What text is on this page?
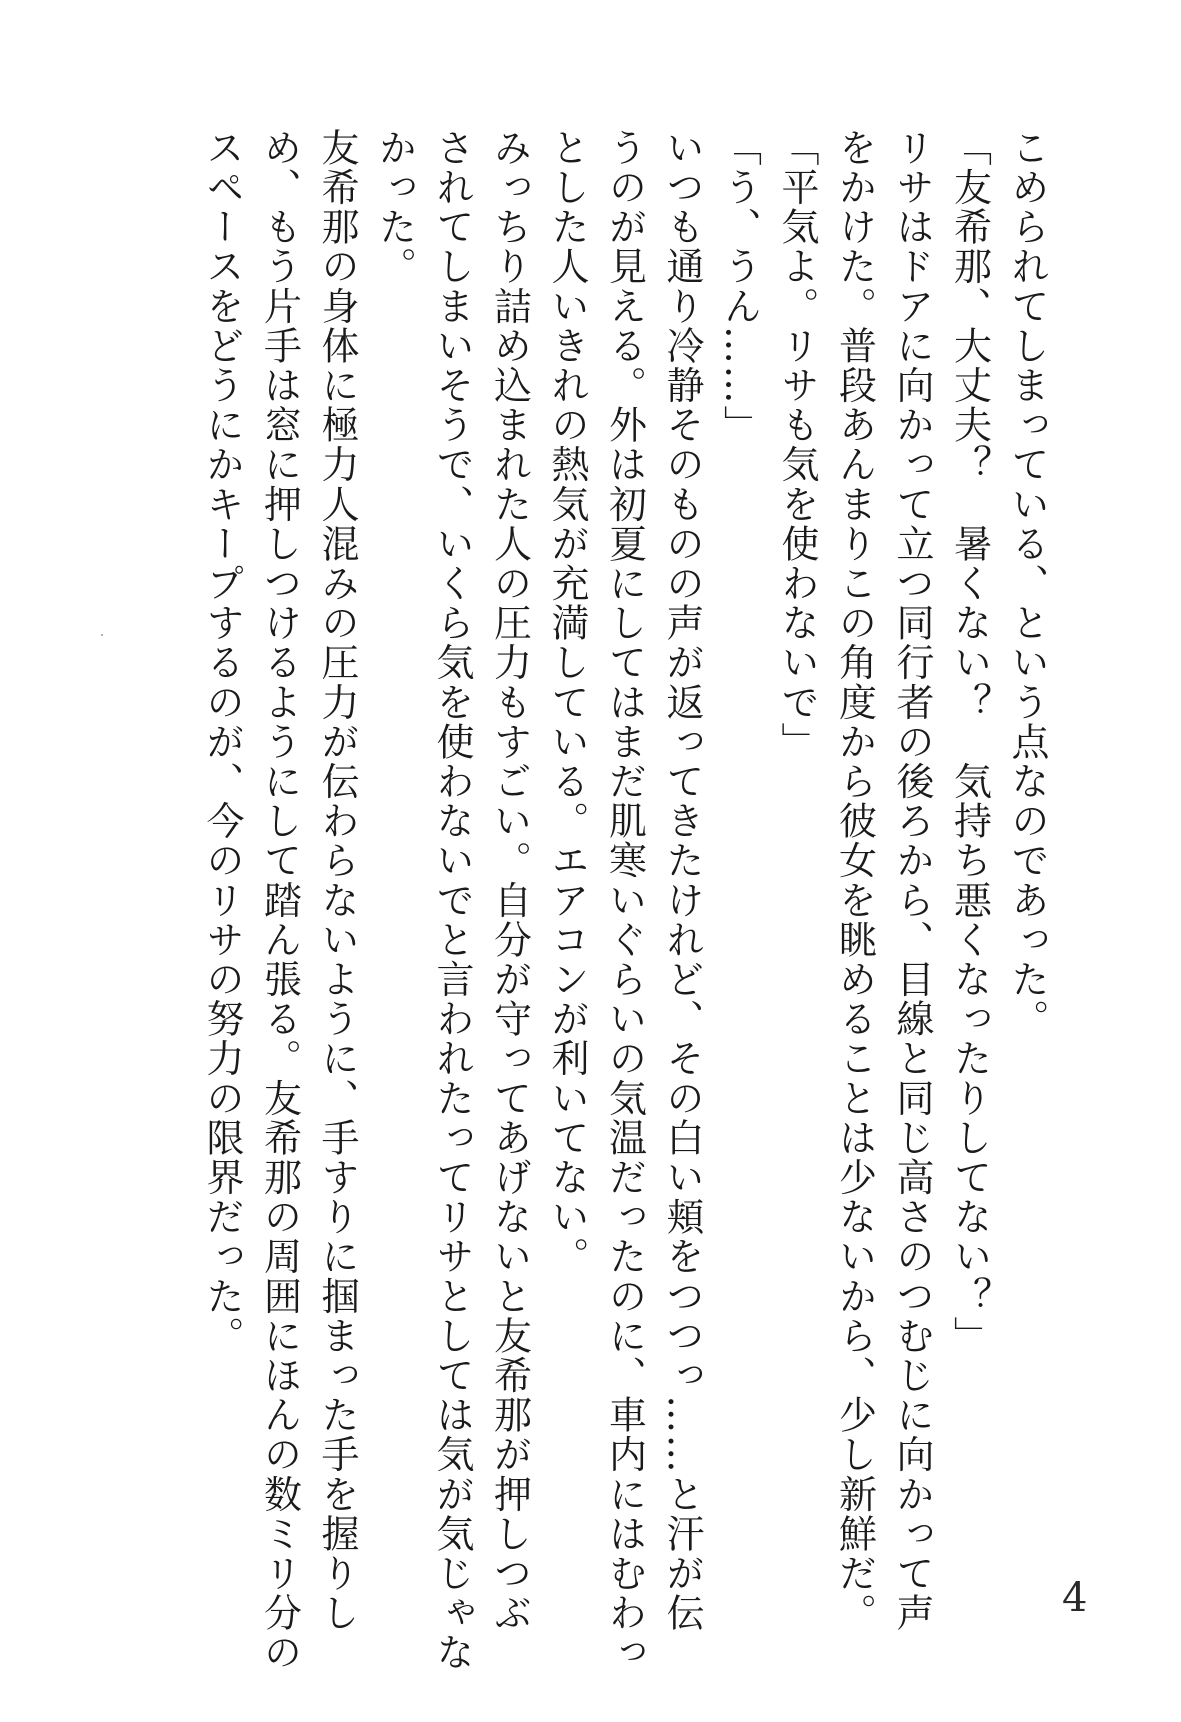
こめられてしまっている、という点なのであった。

「友希那、大丈夫？　暑くない？　気持ち悪くなったりしてない？」

リサはドアに向かって立つ同行者の後ろから、目線と同じ高さのつむじに向かって声

をかけた。普段あんまりこの角度から彼女を眺めることは少ないから、少し新鮮だ。

「平気よ。リサも気を使わないで」

「う、うん……」

いつも通り冷静そのものの声が返ってきたけれど、その白い頬をつつっ……と汗が伝

うのが見える。外は初夏にしてはまだ肌寒いぐらいの気温だったのに、車内にはむわっ

とした人いきれの熱気が充満している。エアコンが利いてない。

みっちり詰め込まれた人の圧力もすごい。自分が守ってあげないと友希那が押しつぶ

されてしまいそうで、いくら気を使わないでと言われたってリサとしては気が気じゃな

かった。

友希那の身体に極力人混みの圧力が伝わらないように、手すりに掴まった手を握りし

め、もう片手は窓に押しつけるようにして踏ん張る。友希那の周囲にほんの数ミリ分の

スペースをどうにかキープするのが、今のリサの努力の限界だった。

4
